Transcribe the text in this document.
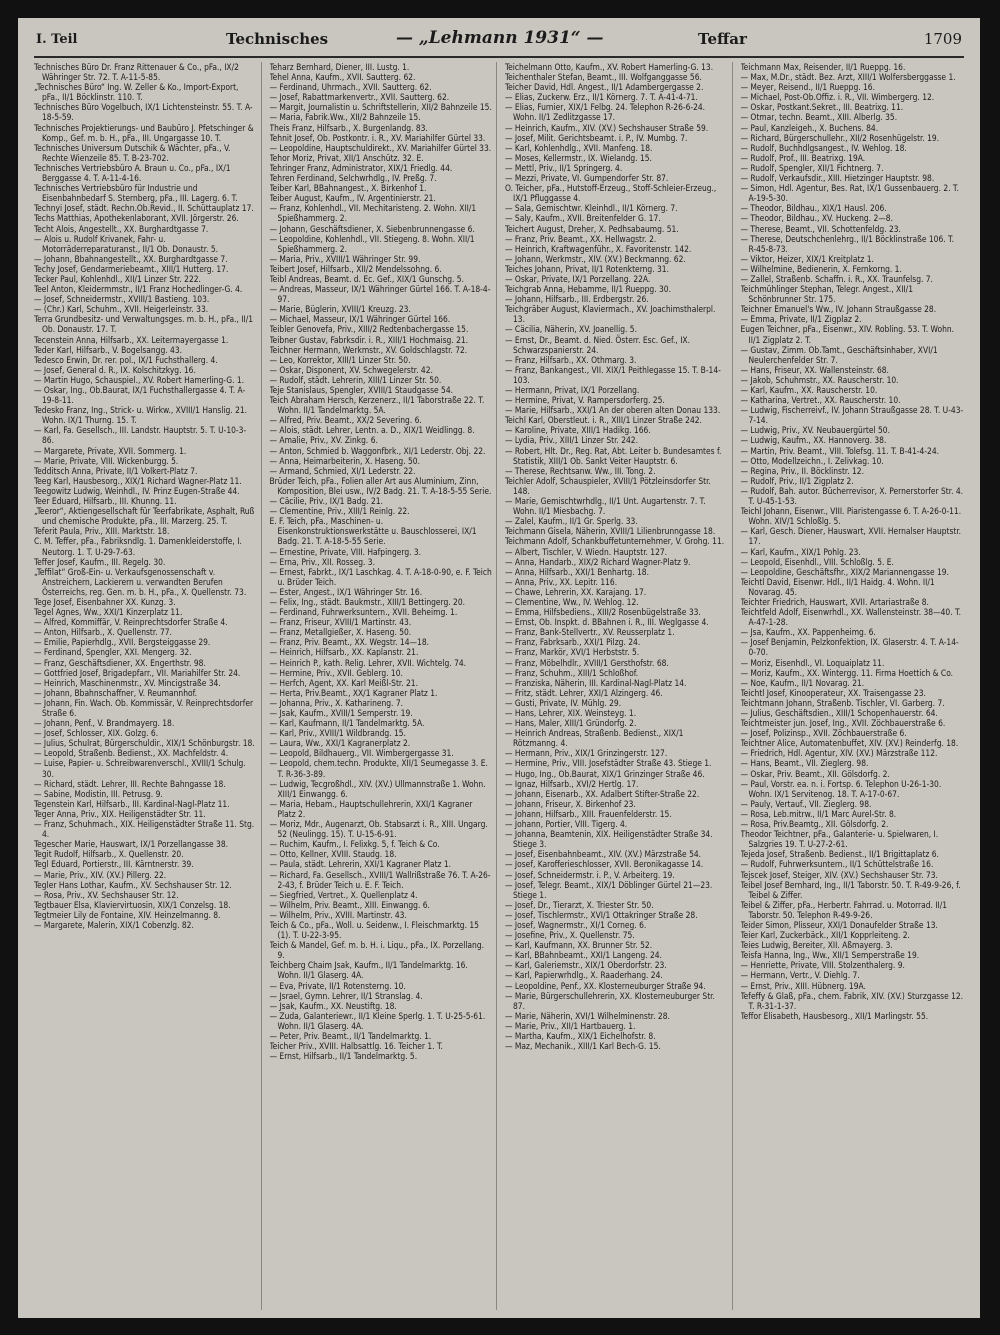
I. Teil	Technisches	— „Lehmann 1931“ —	Teffar	1709

Technisches Büro Dr. Franz Rittenauer & Co., pFa., IX/2 Währinger Str. 72. T. A-11-5-85.

„Technisches Büro“ Ing. W. Zeller & Ko., Import-Export, pFa., II/1 Böcklinstr. 110. T.

Technisches Büro Vogelbuch, IX/1 Lichtensteinstr. 55. T. A-18-5-59.

Technisches Projektierungs- und Baubüro J. Pfetschinger & Komp., Gef. m. b. H., pFa., III. Ungargasse 10. T.

Technisches Universum Dutschik & Wächter, pFa., V. Rechte Wienzeile 85. T. B-23-702.

Technisches Vertriebsbüro A. Braun u. Co., pFa., IX/1 Berggasse 4. T. A-11-4-16.

Technisches Vertriebsbüro für Industrie und Eisenbahnbedarf S. Sternberg, pFa., III. Lagerg. 6. T.

Technyi Josef, städt. Rechn.Ob.Revid., II. Schüttauplatz 17.

Techs Matthias, Apothekenlaborant, XVII. Jörgerstr. 26.

Techt Alois, Angestellt., XX. Burghardtgasse 7.

— Alois u. Rudolf Krivanek, Fahr- u. Motorräderreparaturanst., II/1 Ob. Donaustr. 5.

— Johann, Bbahnangestellt., XX. Burghardtgasse 7.

Techy Josef, Gendarmeriebeamt., XIII/1 Hutterg. 17.

Tecker Paul, Kohlenhdl., XII/1 Linzer Str. 222.

Teel Anton, Kleidermmstr., II/1 Franz Hochedlinger-G. 4.

— Josef, Schneidermstr., XVIII/1 Bastieng. 103.

— (Chr.) Karl, Schuhm., XVII. Heigerleinstr. 33.

Terra Grundbesitz- und Verwaltungsges. m. b. H., pFa., II/1 Ob. Donaustr. 17. T.

Tecenstein Anna, Hilfsarb., XX. Leitermayergasse 1.

Teder Karl, Hilfsarb., V. Bogelsangg. 43.

Tedesco Erwin, Dr. rer. pol., IX/1 Fuchsthallerg. 4.

— Josef, General d. R., IX. Kolschitzkyg. 16.

— Martin Hugo, Schauspiel., XV. Robert Hamerling-G. 1.

— Oskar, Ing., Ob.Baurat, IX/1 Fuchsthallergasse 4. T. A-19-8-11.

Tedesko Franz, Ing., Strick- u. Wirkw., XVIII/1 Hanslig. 21. Wohn. IX/1 Thurng. 15. T.

— Karl, Fa. Gesellsch., III. Landstr. Hauptstr. 5. T. U-10-3-86.

— Margarete, Private, XVII. Sommerg. 1.

— Marie, Private, VIII. Wickenburgg. 5.

Tedditsch Anna, Private, II/1 Volkert-Platz 7.

Teeg Karl, Hausbesorg., XIX/1 Richard Wagner-Platz 11.

Teegowitz Ludwig, Weinhdl., IV. Prinz Eugen-Straße 44.

Teer Eduard, Hilfsarb., III. Khunng. 11.

„Teeror“, Aktiengesellschaft für Teerfabrikate, Asphalt, Ruß und chemische Produkte, pFa., III. Marzerg. 25. T.

Teferit Paula, Priv., XIII. Marktstr. 18.

C. M. Teffer, pFa., Fabriksndlg. 1. Damenkleiderstoffe, I. Neutorg. 1. T. U-29-7-63.

Teffer Josef, Kaufm., III. Regelg. 30.

„Teffilat“ Groß-Ein- u. Verkaufsgenossenschaft v. Anstreichern, Lackierern u. verwandten Berufen Österreichs, reg. Gen. m. b. H., pFa., X. Quellenstr. 73.

Tege Josef, Eisenbahner XX. Kunzg. 3.

Tegel Agnes, Ww., XXI/1 Kinzerplatz 11.

— Alfred, Kommiffär, V. Reinprechtsdorfer Straße 4.

— Anton, Hilfsarb., X. Quellenstr. 77.

— Emilie, Papierhdlg., XVII. Bergsteiggasse 29.

— Ferdinand, Spengler, XXI. Mengerg. 32.

— Franz, Geschäftsdiener, XX. Engerthstr. 98.

— Gottfried Josef, Brigadepfarr., VII. Mariahilfer Str. 24.

— Heinrich, Maschinenmstr., XV. Mincigstraße 34.

— Johann, Bbahnschaffner, V. Reumannhof.

— Johann, Fin. Wach. Ob. Kommissär, V. Reinprechtsdorfer Straße 6.

— Johann, Penf., V. Brandmayerg. 18.

— Josef, Schlosser, XIX. Golzg. 6.

— Julius, Schulrat, Bürgerschuldir., XIX/1 Schönburgstr. 18.

— Leopold, Straßenb. Bedienst., XX. Machfeldstr. 4.

— Luise, Papier- u. Schreibwarenverschl., XVIII/1 Schulg. 30.

— Richard, städt. Lehrer, III. Rechte Bahngasse 18.

— Sabine, Modistin, III. Petrusg. 9.

Tegenstein Karl, Hilfsarb., III. Kardinal-Nagl-Platz 11.

Teger Anna, Priv., XIX. Heiligenstädter Str. 11.

— Franz, Schuhmach., XIX. Heiligenstädter Straße 11. Stg. 4.

Tegescher Marie, Hauswart, IX/1 Porzellangasse 38.

Tegit Rudolf, Hilfsarb., X. Quellenstr. 20.

Tegl Eduard, Portierstr., III. Kärntnerstr. 39.

— Marie, Priv., XIV. (XV.) Pillerg. 22.

Tegler Hans Lothar, Kaufm., XV. Sechshauser Str. 12.

— Rosa, Priv., XV. Sechshauser Str. 12.

Tegtbauer Elsa, Klaviervirtuosin, XIX/1 Conzelsg. 18.

Tegtmeier Lily de Fontaine, XIV. Heinzelmanng. 8.

— Margarete, Malerin, XIX/1 Cobenzlg. 82.

Teharz Bernhard, Diener, III. Lustg. 1.

Tehel Anna, Kaufm., XVII. Sautterg. 62.

— Ferdinand, Uhrmach., XVII. Sautterg. 62.

— Josef, Rabattmarkenvertr., XVII. Sautterg. 62.

— Margit, Journalistin u. Schriftstellerin, XII/2 Bahnzeile 15.

— Maria, Fabrik.Ww., XII/2 Bahnzeile 15.

Theis Franz, Hilfsarb., X. Burgenlandg. 83.

Tehnit Josef, Ob. Postkontr. i. R., XV. Mariahilfer Gürtel 33.

— Leopoldine, Hauptschuldirekt., XV. Mariahilfer Gürtel 33.

Tehor Moriz, Privat, XII/1 Anschütz. 32. E.

Tehringer Franz, Administrator, XIX/1 Friedlg. 44.

Tehren Ferdinand, Selchwrhdlg., IV. Preßg. 7.

Teiber Karl, BBahnangest., X. Birkenhof 1.

Teiber August, Kaufm., IV. Argentinierstr. 21.

— Franz, Kohlenhdl., VII. Mechitaristeng. 2. Wohn. XII/1 Spießhammerg. 2.

— Johann, Geschäftsdiener, X. Siebenbrunnengasse 6.

— Leopoldine, Kohlenhdl., VII. Stiegeng. 8. Wohn. XII/1 Spießhammerg. 2.

— Maria, Priv., XVIII/1 Währinger Str. 99.

Teibert Josef, Hilfsarb., XII/2 Mendelssohng. 6.

Teibl Andreas, Beamt. d. Ec. Gef., XIX/1 Gunschg. 5.

— Andreas, Masseur, IX/1 Währinger Gürtel 166. T. A-18-4-97.

— Marie, Büglerin, XVIII/1 Kreuzg. 23.

— Michael, Masseur, IX/1 Währinger Gürtel 166.

Teibler Genovefa, Priv., XIII/2 Redtenbachergasse 15.

Teibner Gustav, Fabrksdir. i. R., XIII/1 Hochmaisg. 21.

Teichner Hermann, Werkmstr., XV. Goldschlagstr. 72.

— Leo, Korrektor, XIII/1 Linzer Str. 50.

— Oskar, Disponent, XV. Schwegelerstr. 42.

— Rudolf, städt. Lehrerin, XIII/1 Linzer Str. 50.

Teje Stanislaus, Spengler, XVIII/1 Staudgasse 54.

Teich Abraham Hersch, Kerzenerz., II/1 Taborstraße 22. T. Wohn. II/1 Tandelmarktg. 5A.

— Alfred, Priv. Beamt., XX/2 Severing. 6.

— Alois, städt. Lehrer, Lentn. a. D., XIX/1 Weidlingg. 8.

— Amalie, Priv., XV. Zinkg. 6.

— Anton, Schmied b. Waggonfbrk., XI/1 Lederstr. Obj. 22.

— Anna, Heimarbeiterin, X. Haseng. 50.

— Armand, Schmied, XI/1 Lederstr. 22.

Brüder Teich, pFa., Folien aller Art aus Aluminium, Zinn, Komposition, Blei usw., IV/2 Badg. 21. T. A-18-5-55 Serie.

— Cäcilie, Priv., IX/1 Badg. 21.

— Clementine, Priv., XIII/1 Reinlg. 22.

E. F. Teich, pFa., Maschinen- u. Eisenkonstruktionswerkstätte u. Bauschlosserei, IX/1 Badg. 21. T. A-18-5-55 Serie.

— Ernestine, Private, VIII. Hafpingerg. 3.

— Erna, Priv., XII. Rosseg. 3.

— Ernest, Fabrkt., IX/1 Laschkag. 4. T. A-18-0-90, e. F. Teich u. Brüder Teich.

— Ester, Angest., IX/1 Währinger Str. 16.

— Felix, Ing., städt. Baukmstr., XIII/1 Bettingerg. 20.

— Ferdinand, Fuhrwerksuntern., XVII. Beheimg. 1.

— Franz, Friseur, XVIII/1 Martinstr. 43.

— Franz, Metallgießer, X. Haseng. 50.

— Franz, Priv. Beamt., XX. Wegstr. 14—18.

— Heinrich, Hilfsarb., XX. Kaplanstr. 21.

— Heinrich P., kath. Relig. Lehrer, XVII. Wichtelg. 74.

— Hermine, Priv., XVII. Geblerg. 10.

— Herfch, Agent, XX. Karl Meißl-Str. 21.

— Herta, Priv.Beamt., XX/1 Kagraner Platz 1.

— Johanna, Priv., X. Katharineng. 7.

— Jsak, Kaufm., XVIII/1 Semperstr. 19.

— Karl, Kaufmann, II/1 Tandelmarktg. 5A.

— Karl, Priv., XVIII/1 Wildbrandg. 15.

— Laura, Ww., XXI/1 Kagranerplatz 2.

— Leopold, Bildhauerg., VII. Wimbergergasse 31.

— Leopold, chem.techn. Produkte, XII/1 Seumegasse 3. E. T. R-36-3-89.

— Ludwig, Tecgroßhdl., XIV. (XV.) Ullmannstraße 1. Wohn. XIII/1 Einwangg. 6.

— Maria, Hebam., Hauptschullehrerin, XXI/1 Kagraner Platz 2.

— Moriz, Mdr., Augenarzt, Ob. Stabsarzt i. R., XIII. Ungarg. 52 (Neulingg. 15). T. U-15-6-91.

— Ruchim, Kaufm., I. Felixkg. 5, f. Teich & Co.

— Otto, Kellner, XVIII. Staudg. 18.

— Paula, städt. Lehrerin, XXI/1 Kagraner Platz 1.

— Richard, Fa. Gesellsch., XVIII/1 Wallrißstraße 76. T. A-26-2-43, f. Brüder Teich u. E. F. Teich.

— Siegfried, Vertret., X. Quellenplatz 4.

— Wilhelm, Priv. Beamt., XIII. Einwangg. 6.

— Wilhelm, Priv., XVIII. Martinstr. 43.

Teich & Co., pFa., Woll. u. Seidenw., I. Fleischmarktg. 15 (1). T. U-22-3-95.

Teich & Mandel, Gef. m. b. H. i. Liqu., pFa., IX. Porzellang. 9.

Teichberg Chaim Jsak, Kaufm., II/1 Tandelmarktg. 16. Wohn. II/1 Glaserg. 4A.

— Eva, Private, II/1 Rotensterng. 10.

— Jsrael, Gymn. Lehrer, II/1 Stranslag. 4.

— Jsak, Kaufm., XX. Neustiftg. 18.

— Zuda, Galanteriewr., II/1 Kleine Sperlg. 1. T. U-25-5-61. Wohn. II/1 Glaserg. 4A.

— Peter, Priv. Beamt., II/1 Tandelmarktg. 1.

Teicher Priv., XVIII. Halbsattlg. 16. Teicher 1. T.

— Ernst, Hilfsarb., II/1 Tandelmarktg. 5.

Teichelmann Otto, Kaufm., XV. Robert Hamerling-G. 13.

Teichenthaler Stefan, Beamt., III. Wolfganggasse 56.

Teicher David, Hdl. Angest., II/1 Adambergergasse 2.

— Elias, Zuckerw. Erz., II/1 Körnerg. 7. T. A-41-4-71.

— Elias, Furnier, XIX/1 Felbg. 24. Telephon R-26-6-24. Wohn. II/1 Zedlitzgasse 17.

— Heinrich, Kaufm., XIV. (XV.) Sechshauser Straße 59.

— Josef, Milit. Gerichtsbeamt. i. P., IV. Mumbg. 7.

— Karl, Kohlenhdlg., XVII. Manfeng. 18.

— Moses, Kellermstr., IX. Wielandg. 15.

— Mettl, Priv., II/1 Springerg. 4.

— Mezzi, Private, VI. Gumpendorfer Str. 87.

O. Teicher, pFa., Hutstoff-Erzeug., Stoff-Schleier-Erzeug., IX/1 Pfluggasse 4.

— Sala, Gemischtwr. Kleinhdl., II/1 Körnerg. 7.

— Saly, Kaufm., XVII. Breitenfelder G. 17.

Teichert August, Dreher, X. Pedhsabaumg. 51.

— Franz, Priv. Beamt., XX. Hellwagstr. 2.

— Heinrich, Kraftwagenführ., X. Favoritenstr. 142.

— Johann, Werkmstr., XIV. (XV.) Beckmanng. 62.

Teiches Johann, Privat, II/1 Rotenkterng. 31.

— Oskar, Private, IX/1 Porzellang. 22A.

Teichgrab Anna, Hebamme, II/1 Rueppg. 30.

— Johann, Hilfsarb., III. Erdbergstr. 26.

Teichgräber August, Klaviermach., XV. Joachimsthalerpl. 13.

— Cäcilia, Näherin, XV. Joanellig. 5.

— Ernst, Dr., Beamt. d. Nied. Österr. Esc. Gef., IX. Schwarzspanierstr. 24.

— Franz, Hilfsarb., XX. Othmarg. 3.

— Franz, Bankangest., VII. XIX/1 Peithlegasse 15. T. B-14-103.

— Hermann, Privat, IX/1 Porzellang.

— Hermine, Privat, V. Rampersdorferg. 25.

— Marie, Hilfsarb., XXI/1 An der oberen alten Donau 133.

Teichl Karl, Oberstleut. i. R., XIII/1 Linzer Straße 242.

— Karoline, Private, XIII/1 Hadikg. 166.

— Lydia, Priv., XIII/1 Linzer Str. 242.

— Robert, Hlt. Dr., Reg. Rat, Abt. Leiter b. Bundesamtes f. Statistik, XIII/1 Ob. Sankt Veiter Hauptstr. 6.

— Therese, Rechtsanw. Ww., III. Tong. 2.

Teichler Adolf, Schauspieler, XVIII/1 Pötzleinsdorfer Str. 148.

— Marie, Gemischtwrhdlg., II/1 Unt. Augartenstr. 7. T. Wohn. II/1 Miesbachg. 7.

— Zalel, Kaufm., II/1 Gr. Sperlg. 33.

Teichmann Gisela, Näherin, XVIII/1 Lilienbrunngasse 18.

Teichmann Adolf, Schankbuffetunternehmer, V. Grohg. 11.

— Albert, Tischler, V. Wiedn. Hauptstr. 127.

— Anna, Handarb., XIX/2 Richard Wagner-Platz 9.

— Anna, Hilfsarb., XXI/1 Benhartg. 18.

— Anna, Priv., XX. Lepitr. 116.

— Chawe, Lehrerin, XX. Karajang. 17.

— Clementine, Ww., IV. Wehlog. 12.

— Emma, Hilfsbediens., XIII/2 Rosenbügelstraße 33.

— Ernst, Ob. Inspkt. d. BBahnen i. R., III. Weglgasse 4.

— Franz, Bank-Stellvertr., XV. Reusserplatz 1.

— Franz, Fabrksarb., XXI/1 Pilzg. 24.

— Franz, Markör, XVI/1 Herbststr. 5.

— Franz, Möbelhdlr., XVIII/1 Gersthofstr. 68.

— Franz, Schuhm., XIII/1 Schloßhof.

— Franziska, Näherin, III. Kardinal-Nagl-Platz 14.

— Fritz, städt. Lehrer, XXI/1 Alzingerg. 46.

— Gusti, Private, IV. Mühlg. 29.

— Hans, Lehrer, XIX. Weinsteyg. 1.

— Hans, Maler, XIII/1 Gründorfg. 2.

— Heinrich Andreas, Straßenb. Bedienst., XIX/1 Rötzmanng. 4.

— Hermann, Priv., XIX/1 Grinzingerstr. 127.

— Hermine, Priv., VIII. Josefstädter Straße 43. Stiege 1.

— Hugo, Ing., Ob.Baurat, XIX/1 Grinzinger Straße 46.

— Ignaz, Hilfsarb., XVI/2 Hertlg. 17.

— Johann, Eisenarb., XX. Adalbert Stifter-Straße 22.

— Johann, Friseur, X. Birkenhof 23.

— Johann, Hilfsarb., XIII. Frauenfelderstr. 15.

— Johann, Portier, VIII. Tigerg. 4.

— Johanna, Beamtenin, XIX. Heiligenstädter Straße 34. Stiege 3.

— Josef, Eisenbahnbeamt., XIV. (XV.) Märzstraße 54.

— Josef, Karofferieschlosser, XVII. Beronikagasse 14.

— Josef, Schneidermstr. i. P., V. Arbeiterg. 19.

— Josef, Telegr. Beamt., XIX/1 Döblinger Gürtel 21—23. Stiege 1.

— Josef, Dr., Tierarzt, X. Triester Str. 50.

— Josef, Tischlermstr., XVI/1 Ottakringer Straße 28.

— Josef, Wagnermstr., XI/1 Corneg. 6.

— Josefine, Priv., X. Quellenstr. 75.

— Karl, Kaufmann, XX. Brunner Str. 52.

— Karl, BBahnbeamt., XXI/1 Langeng. 24.

— Karl, Galeriemstr., XIX/1 Oberdorfstr. 23.

— Karl, Papierwrhdlg., X. Raaderhang. 24.

— Leopoldine, Penf., XX. Klosterneuburger Straße 94.

— Marie, Bürgerschullehrerin, XX. Klosterneuburger Str. 87.

— Marie, Näherin, XVI/1 Wilhelminenstr. 28.

— Marie, Priv., XII/1 Hartbauerg. 1.

— Martha, Kaufm., XIX/1 Eichelhofstr. 8.

— Maz, Mechanik., XIII/1 Karl Bech-G. 15.

Teichmann Max, Reisender, II/1 Rueppg. 16.

— Max, M.Dr., städt. Bez. Arzt, XIII/1 Wolfersberggasse 1.

— Meyer, Reisend., II/1 Rueppg. 16.

— Michael, Post-Ob.Offiz. i. R., VII. Wimbergerg. 12.

— Oskar, Postkant.Sekret., III. Beatrixg. 11.

— Otmar, techn. Beamt., XIII. Alberlg. 35.

— Paul, Kanzleigeh., X. Buchens. 84.

— Richard, Bürgerschullehr., XII/2 Rosenhügelstr. 19.

— Rudolf, Buchhdlgsangest., IV. Wehlog. 18.

— Rudolf, Prof., III. Beatrixg. 19A.

— Rudolf, Spengler, XII/1 Fichtnerg. 7.

— Rudolf, Verkaufsdir., XIII. Hietzinger Hauptstr. 98.

— Simon, Hdl. Agentur, Bes. Rat, IX/1 Gussenbauerg. 2. T. A-19-5-30.

— Theodor, Bildhau., XIX/1 Hausl. 206.

— Theodor, Bildhau., XV. Huckeng. 2—8.

— Therese, Beamt., VII. Schottenfeldg. 23.

— Therese, Deutschchenlehrg., II/1 Böcklinstraße 106. T. R-45-8-73.

— Viktor, Heizer, XIX/1 Kreitplatz 1.

— Wilhelmine, Bedienerin, X. Fernkorng. 1.

— Zallel, Straßenb. Schaffn. i. R., XX. Traunfelsg. 7.

Teichmühlinger Stephan, Telegr. Angest., XII/1 Schönbrunner Str. 175.

Teichner Emanuel's Ww., IV. Johann Straußgasse 28.

— Emma, Private, II/1 Zigplaz 2.

Eugen Teichner, pFa., Eisenwr., XIV. Robling. 53. T. Wohn. II/1 Zigplatz 2. T.

— Gustav, Zimm. Ob.Tamt., Geschäftsinhaber, XVI/1 Neulerchenfelder Str. 7.

— Hans, Friseur, XX. Wallensteinstr. 68.

— Jakob, Schuhmstr., XX. Rauscherstr. 10.

— Karl, Kaufm., XX. Rauscherstr. 10.

— Katharina, Vertret., XX. Rauscherstr. 10.

— Ludwig, Fischerreivf., IV. Johann Straußgasse 28. T. U-43-7-14.

— Ludwig, Priv., XV. Neubauergürtel 50.

— Ludwig, Kaufm., XX. Hannoverg. 38.

— Martin, Priv. Beamt., VIII. Tolefsg. 11. T. B-41-4-24.

— Otto, Modellzeichn., I. Zelivkag. 10.

— Regina, Priv., II. Böcklinstr. 12.

— Rudolf, Priv., II/1 Zigplatz 2.

— Rudolf, Bah. autor. Bücherrevisor, X. Pernerstorfer Str. 4. T. U-45-1-53.

Teichl Johann, Eisenwr., VIII. Piaristengasse 6. T. A-26-0-11. Wohn. XIV/1 Schloßlg. 5.

— Karl, Gesch. Diener, Hauswart, XVII. Hernalser Hauptstr. 17.

— Karl, Kaufm., XIX/1 Pohlg. 23.

— Leopold, Eisenhdl., VIII. Schloßlg. 5. E.

— Leopoldine, Geschäftsfhr., XIX/2 Mariannengasse 19.

Teichtl David, Eisenwr. Hdl., II/1 Haidg. 4. Wohn. II/1 Novarag. 45.

Teichter Friedrich, Hauswart, XVII. Artariastraße 8.

Teichtfeld Adolf, Eisenwrhdl., XX. Wallensteinstr. 38—40. T. A-47-1-28.

— Jsa, Kaufm., XX. Pappenheimg. 6.

— Josef Benjamin, Pelzkonfektion, IX. Glaserstr. 4. T. A-14-0-70.

— Moriz, Eisenhdl., VI. Loquaiplatz 11.

— Moriz, Kaufm., XX. Wintergg. 11. Firma Hoettich & Co.

— Noe, Kaufm., II/1 Novarag. 21.

Teichtl Josef, Kinooperateur, XX. Traisengasse 23.

Teichtmann Johann, Straßenb. Tischler, VI. Garberg. 7.

— Julius, Geschäftsdien., XIII/1 Schopenhauerstr. 64.

Teichtmeister jun. Josef, Ing., XVII. Zöchbauerstraße 6.

— Josef, Polizinsp., XVII. Zöchbauerstraße 6.

Teichtner Alice, Automatenbuffet, XIV. (XV.) Reinderfg. 18.

— Friedrich, Hdl. Agentur, XIV. (XV.) Märzstraße 112.

— Hans, Beamt., VII. Zieglerg. 98.

— Oskar, Priv. Beamt., XII. Gölsdorfg. 2.

— Paul, Vorstr. ea. n. i. Fortsp. 6. Telephon U-26-1-30. Wohn. IX/1 Servitenog. 18. T. A-17-0-67.

— Pauly, Vertauf., VII. Zieglerg. 98.

— Rosa, Leb.mitrw., II/1 Marc Aurel-Str. 8.

— Rosa, Priv.Beamtg., XII. Gölsdorfg. 2.

Theodor Teichtner, pFa., Galanterie- u. Spielwaren, I. Salzgries 19. T. U-27-2-61.

Tejeda Josef, Straßenb. Bedienst., II/1 Brigittaplatz 6.

— Rudolf, Fuhrwerksuntern., II/1 Schüttelstraße 16.

Tejscek Josef, Steiger, XIV. (XV.) Sechshauser Str. 73.

Teibel Josef Bernhard, Ing., II/1 Taborstr. 50. T. R-49-9-26, f. Teibel & Ziffer.

Teibel & Ziffer, pFa., Herbertr. Fahrrad. u. Motorrad. II/1 Taborstr. 50. Telephon R-49-9-26.

Teider Simon, Plisseur, XXI/1 Donaufelder Straße 13.

Teier Karl, Zuckerbäck., XII/1 Kopprleiteng. 2.

Teies Ludwig, Bereiter, XII. Aßmayerg. 3.

Teisfa Hanna, Ing., Ww., XII/1 Semperstraße 19.

— Henriette, Private, VIII. Stolzenthalerg. 9.

— Hermann, Vertr., V. Diehlg. 7.

— Ernst, Priv., XIII. Hübnerg. 19A.

Tefeffy & Glaß, pFa., chem. Fabrik, XIV. (XV.) Sturzgasse 12. T. R-31-1-37.

Teffor Elisabeth, Hausbesorg., XII/1 Marlingstr. 55.
